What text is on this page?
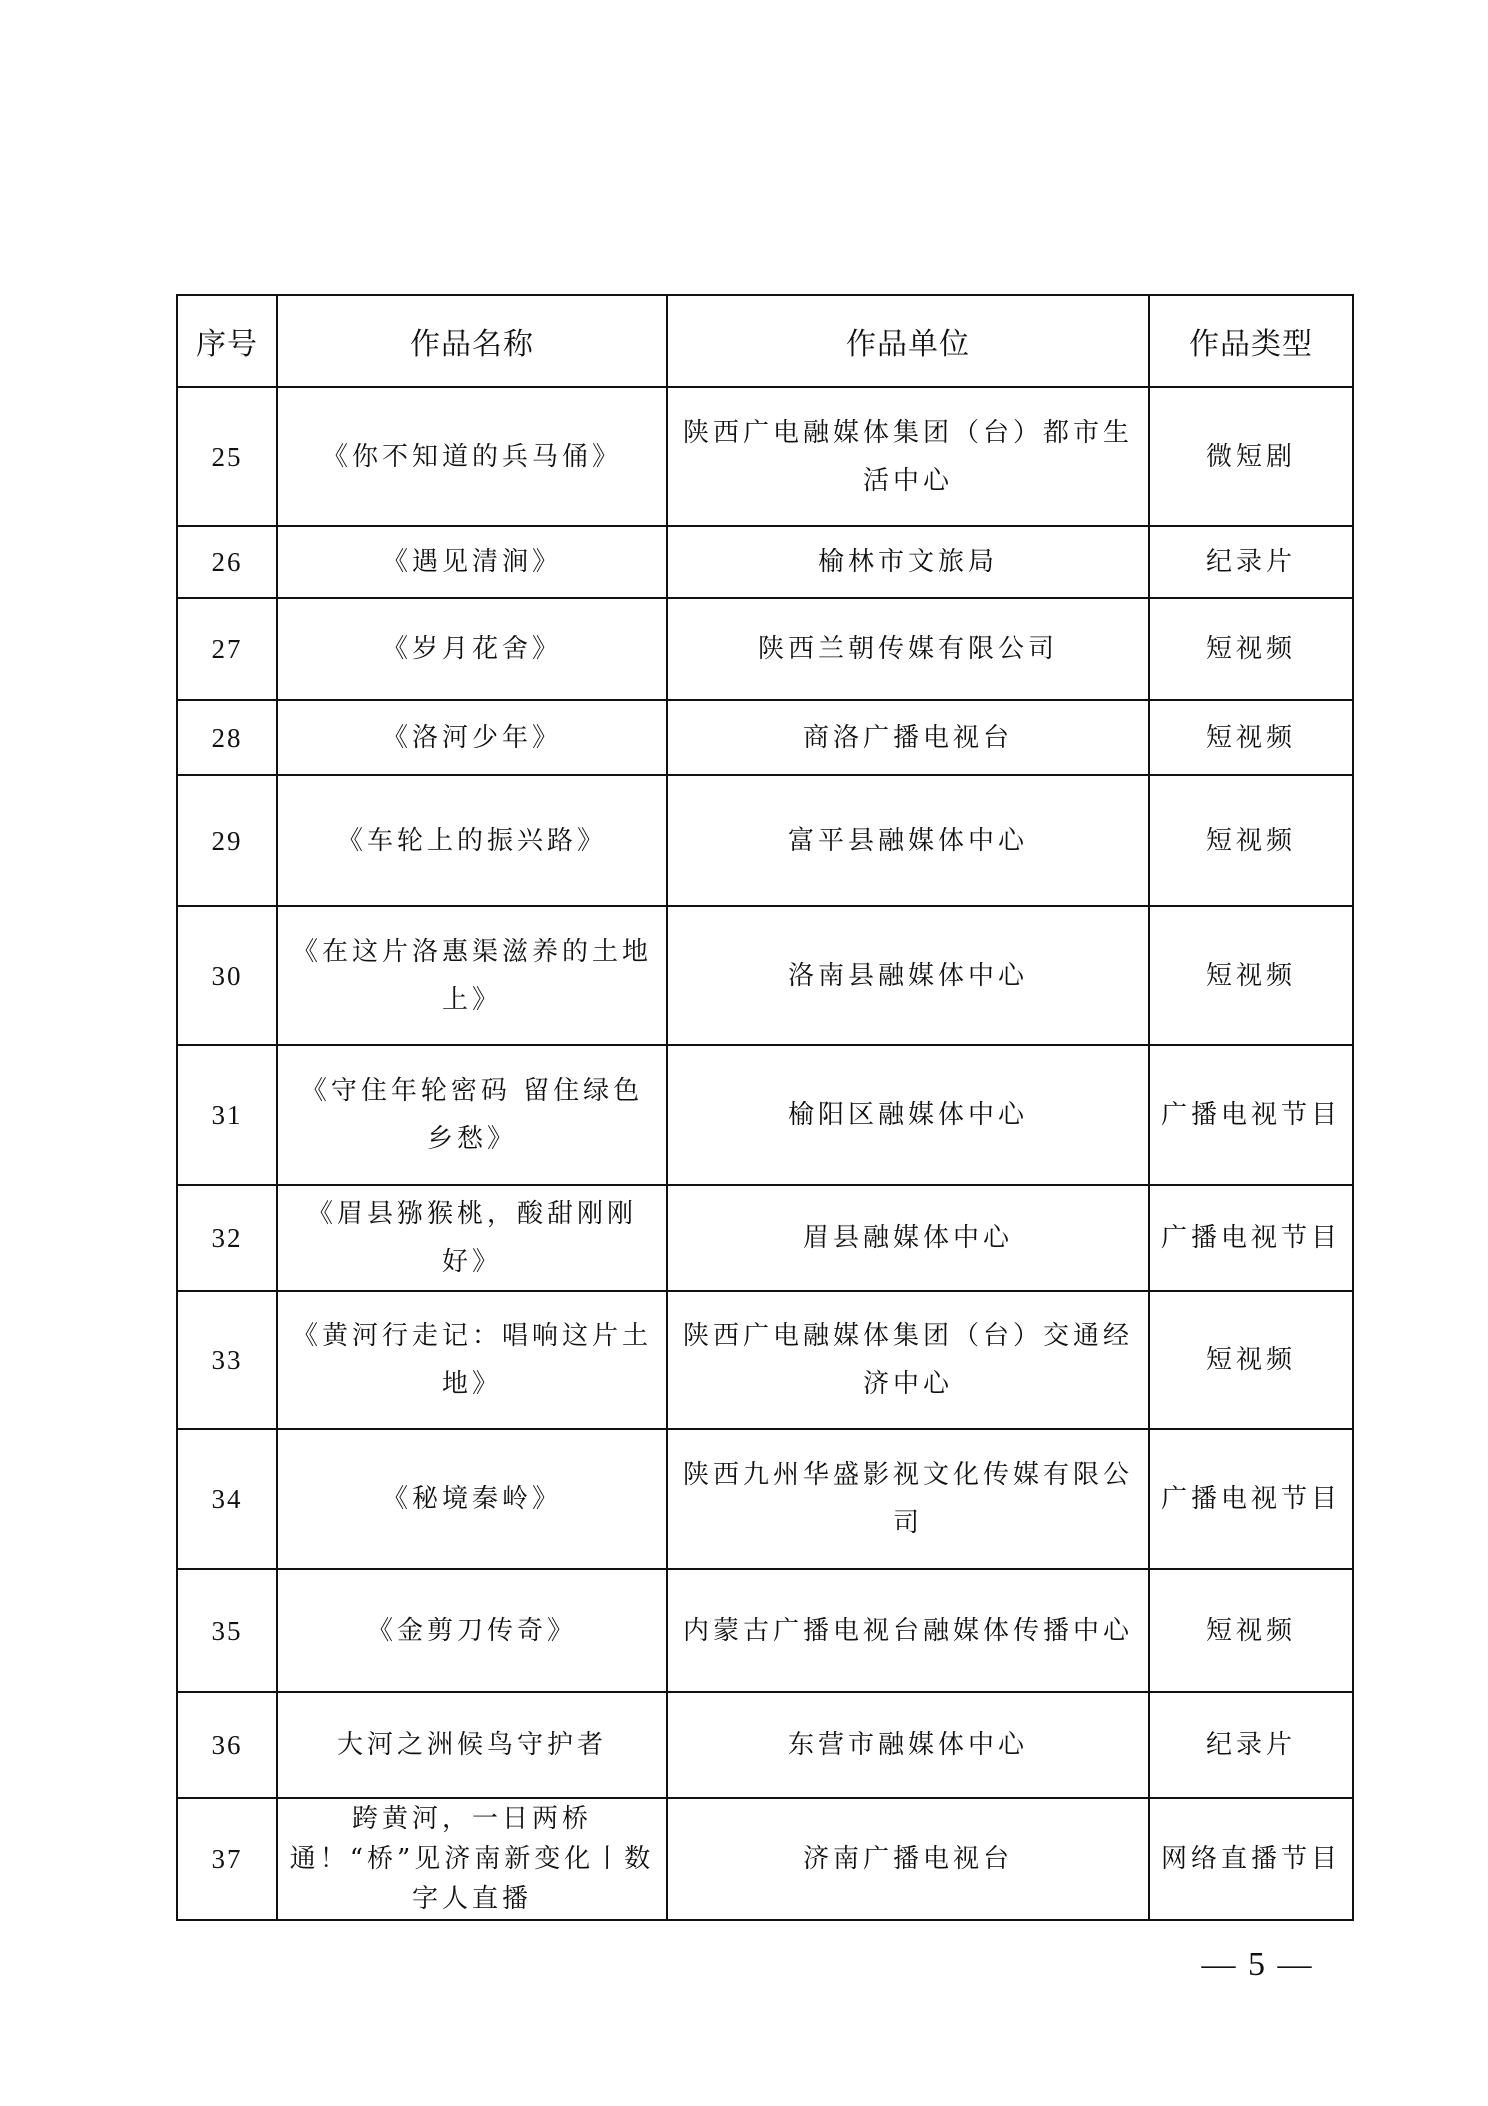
序号	作品名称	作品单位	作品类型
25	《你不知道的兵马俑》	陕西广电融媒体集团（台）都市生活中心	微短剧
26	《遇见清涧》	榆林市文旅局	纪录片
27	《岁月花舍》	陕西兰朝传媒有限公司	短视频
28	《洛河少年》	商洛广播电视台	短视频
29	《车轮上的振兴路》	富平县融媒体中心	短视频
30	《在这片洛惠渠滋养的土地上》	洛南县融媒体中心	短视频
31	《守住年轮密码 留住绿色乡愁》	榆阳区融媒体中心	广播电视节目
32	《眉县猕猴桃，酸甜刚刚好》	眉县融媒体中心	广播电视节目
33	《黄河行走记：唱响这片土地》	陕西广电融媒体集团（台）交通经济中心	短视频
34	《秘境秦岭》	陕西九州华盛影视文化传媒有限公司	广播电视节目
35	《金剪刀传奇》	内蒙古广播电视台融媒体传播中心	短视频
36	大河之洲候鸟守护者	东营市融媒体中心	纪录片
37	跨黄河，一日两桥通！“桥”见济南新变化丨数字人直播	济南广播电视台	网络直播节目
— 5 —
